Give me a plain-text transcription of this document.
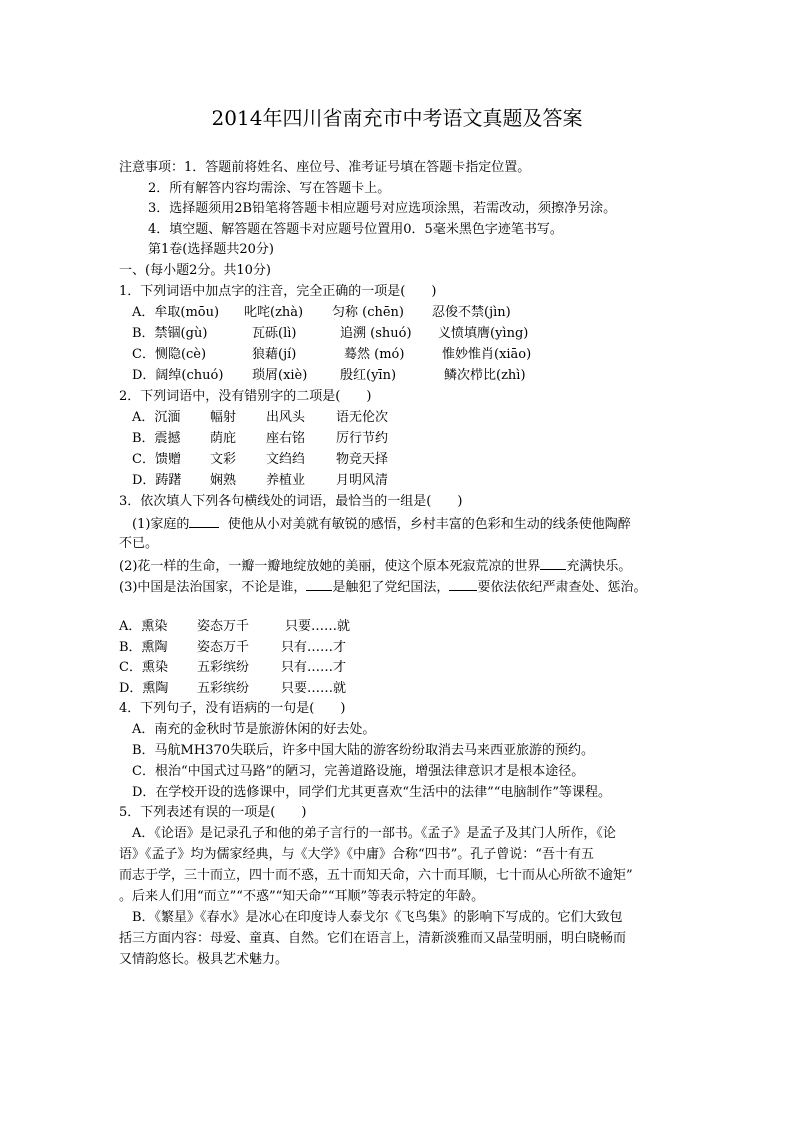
2014年四川省南充市中考语文真题及答案
注意事项：1．答题前将姓名、座位号、准考证号填在答题卡指定位置。
2．所有解答内容均需涂、写在答题卡上。
3．选择题须用2B铅笔将答题卡相应题号对应选项涂黑，若需改动，须擦净另涂。
4．填空题、解答题在答题卡对应题号位置用0．5毫米黑色字迹笔书写。
第1卷(选择题共20分)
一、(每小题2分。共10分)
1．下列词语中加点字的注音，完全正确的一项是(　　)
A．牟取(mōu) 叱咤(zhà) 匀称 (chēn) 忍俊不禁(jìn)
B．禁锢(gù)	瓦砾(lì)	追溯 (shuó) 义愤填膺(yìng)
C．恻隐(cè)	狼藉(jí)	蓦然 (mó)	惟妙惟肖(xiāo)
D．阔绰(chuó) 琐屑(xiè)	殷红(yīn)	鳞次栉比(zhì)
2．下列词语中，没有错别字的二项是(　　)
A．沉湎 幅射 出风头 语无伦次
B．震撼 荫庇 座右铭 厉行节约
C．馈赠 文彩 文绉绉 物竞天择
D．踌躇 娴熟 养植业 月明风清
3．依次填人下列各句横线处的词语，最恰当的一组是(　　)
(1)家庭的	使他从小对美就有敏锐的感悟，乡村丰富的色彩和生动的线条使他陶醉
不已。
(2)花一样的生命，一瓣一瓣地绽放她的美丽，使这个原本死寂荒凉的世界 充满快乐。
(3)中国是法治国家，不论是谁， 是触犯了党纪国法， 要依法依纪严肃查处、惩治。
A．熏染 姿态万千	只要……就
B．熏陶 姿态万千 只有……才
C．熏染 五彩缤纷 只有……才
D．熏陶 五彩缤纷 只要……就
4．下列句子，没有语病的一句是(　　)
A．南充的金秋时节是旅游休闲的好去处。
B．马航MH370失联后，许多中国大陆的游客纷纷取消去马来西亚旅游的预约。
C．根治“中国式过马路”的陋习，完善道路设施，增强法律意识才是根本途径。
D．在学校开设的选修课中，同学们尤其更喜欢“生活中的法律”“电脑制作”等课程。
5．下列表述有误的一项是(　　)
A．《论语》是记录孔子和他的弟子言行的一部书。《孟子》是孟子及其门人所作，《论
语》《孟子》均为儒家经典，与《大学》《中庸》合称“四书”。孔子曾说：“吾十有五
而志于学，三十而立，四十而不惑，五十而知天命，六十而耳顺，七十而从心所欲不逾矩”
。后来人们用“而立”“不惑”“知天命”“耳顺”等表示特定的年龄。
B．《繁星》《春水》是冰心在印度诗人泰戈尔《飞鸟集》的影响下写成的。它们大致包
括三方面内容：母爱、童真、自然。它们在语言上，清新淡雅而又晶莹明丽，明白晓畅而
又情韵悠长。极具艺术魅力。
